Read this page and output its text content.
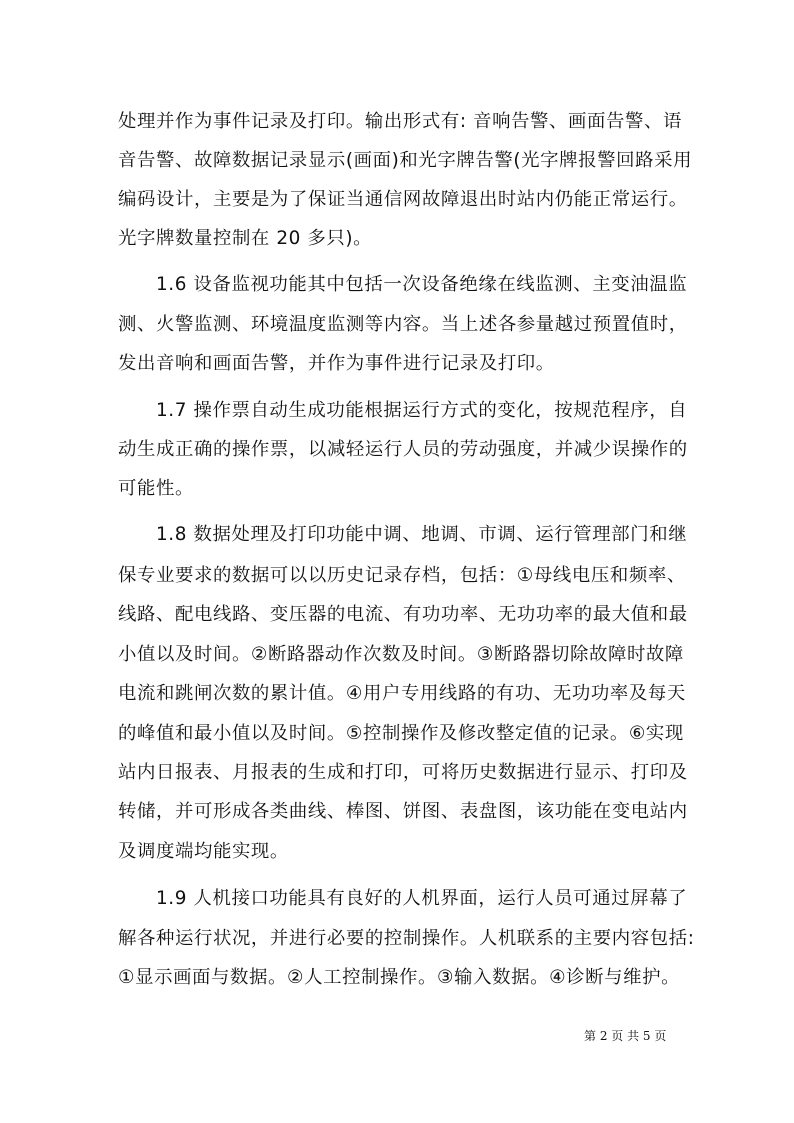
处理并作为事件记录及打印。输出形式有: 音响告警、画面告警、语
音告警、故障数据记录显示(画面)和光字牌告警(光字牌报警回路采用
编码设计，主要是为了保证当通信网故障退出时站内仍能正常运行。
光字牌数量控制在 20 多只)。
　　1.6 设备监视功能其中包括一次设备绝缘在线监测、主变油温监
测、火警监测、环境温度监测等内容。当上述各参量越过预置值时，
发出音响和画面告警，并作为事件进行记录及打印。
　　1.7 操作票自动生成功能根据运行方式的变化，按规范程序，自
动生成正确的操作票，以减轻运行人员的劳动强度，并减少误操作的
可能性。
　　1.8 数据处理及打印功能中调、地调、市调、运行管理部门和继
保专业要求的数据可以以历史记录存档，包括：①母线电压和频率、
线路、配电线路、变压器的电流、有功功率、无功功率的最大值和最
小值以及时间。②断路器动作次数及时间。③断路器切除故障时故障
电流和跳闸次数的累计值。④用户专用线路的有功、无功功率及每天
的峰值和最小值以及时间。⑤控制操作及修改整定值的记录。⑥实现
站内日报表、月报表的生成和打印，可将历史数据进行显示、打印及
转储，并可形成各类曲线、棒图、饼图、表盘图，该功能在变电站内
及调度端均能实现。
　　1.9 人机接口功能具有良好的人机界面，运行人员可通过屏幕了
解各种运行状况，并进行必要的控制操作。人机联系的主要内容包括:
①显示画面与数据。②人工控制操作。③输入数据。④诊断与维护。
第 2 页 共 5 页
